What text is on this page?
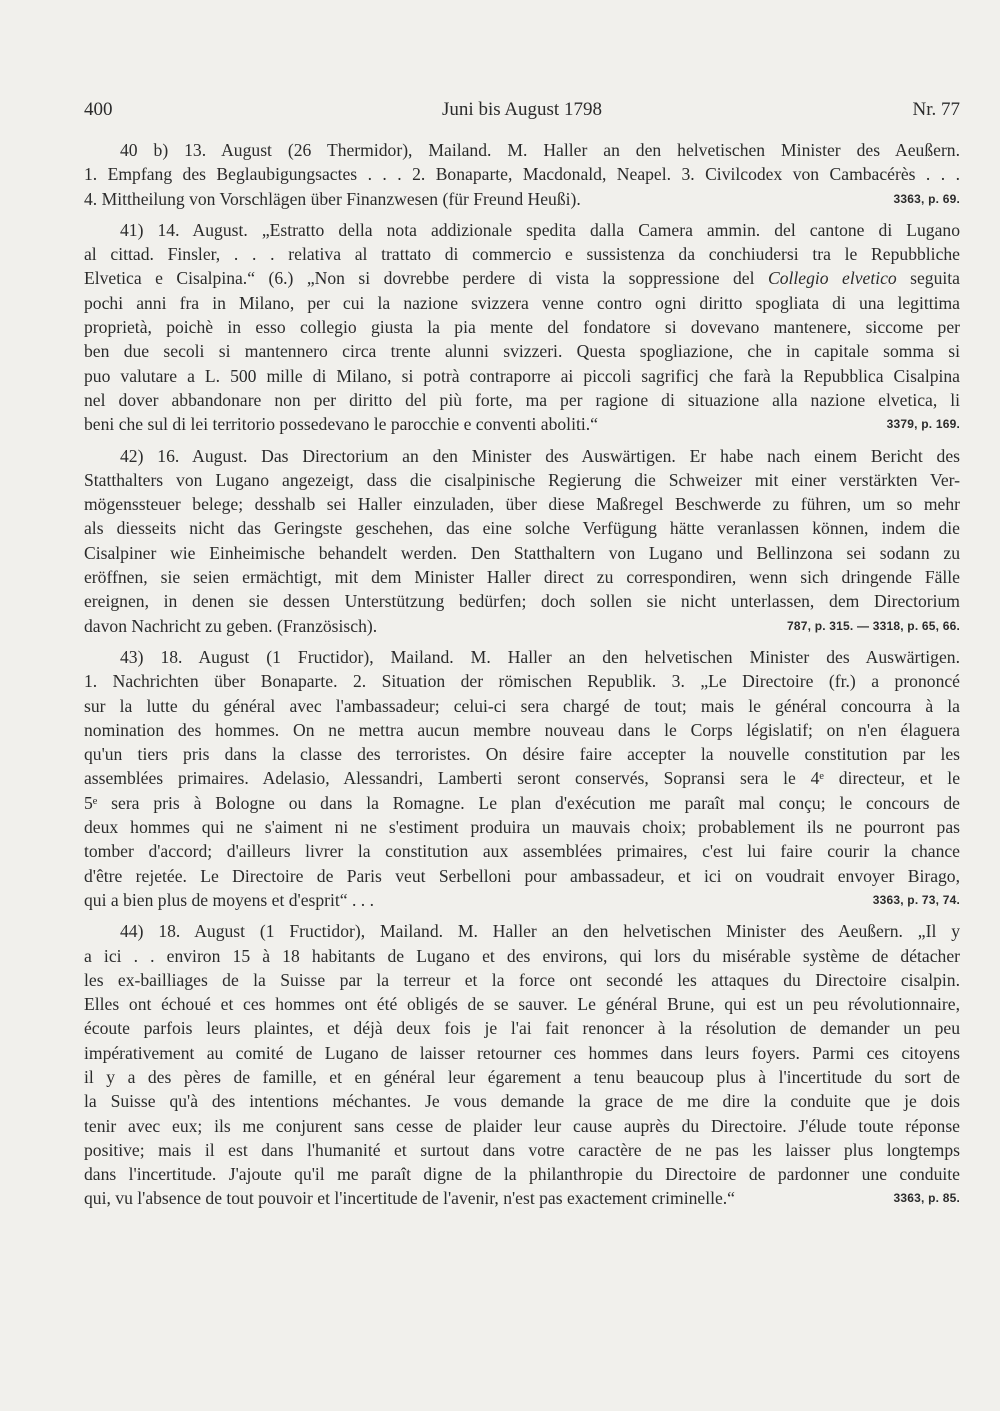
400	Juni bis August 1798	Nr. 77
40 b) 13. August (26 Thermidor), Mailand. M. Haller an den helvetischen Minister des Aeußern.
1. Empfang des Beglaubigungsactes . . . 2. Bonaparte, Macdonald, Neapel. 3. Civilcodex von Cambacérès . . .
4. Mittheilung von Vorschlägen über Finanzwesen (für Freund Heußi).	3363, p. 69.
41) 14. August. „Estratto della nota addizionale spedita dalla Camera ammin. del cantone di Lugano
al cittad. Finsler, . . . relativa al trattato di commercio e sussistenza da conchiudersi tra le Repubbliche
Elvetica e Cisalpina.“ (6.) „Non si dovrebbe perdere di vista la soppressione del Collegio elvetico seguita
pochi anni fra in Milano, per cui la nazione svizzera venne contro ogni diritto spogliata di una legittima
proprietà, poichè in esso collegio giusta la pia mente del fondatore si dovevano mantenere, siccome per
ben due secoli si mantennero circa trente alunni svizzeri. Questa spogliazione, che in capitale somma si
puo valutare a L. 500 mille di Milano, si potrà contraporre ai piccoli sagrificj che farà la Repubblica Cisalpina
nel dover abbandonare non per diritto del più forte, ma per ragione di situazione alla nazione elvetica, li
beni che sul di lei territorio possedevano le parocchie e conventi aboliti.“	3379, p. 169.
42) 16. August. Das Directorium an den Minister des Auswärtigen. Er habe nach einem Bericht des
Statthalters von Lugano angezeigt, dass die cisalpinische Regierung die Schweizer mit einer verstärkten Ver-
mögenssteuer belege; desshalb sei Haller einzuladen, über diese Maßregel Beschwerde zu führen, um so mehr
als diesseits nicht das Geringste geschehen, das eine solche Verfügung hätte veranlassen können, indem die
Cisalpiner wie Einheimische behandelt werden. Den Statthaltern von Lugano und Bellinzona sei sodann zu
eröffnen, sie seien ermächtigt, mit dem Minister Haller direct zu correspondiren, wenn sich dringende Fälle
ereignen, in denen sie dessen Unterstützung bedürfen; doch sollen sie nicht unterlassen, dem Directorium
davon Nachricht zu geben. (Französisch).	787, p. 315. — 3318, p. 65, 66.
43) 18. August (1 Fructidor), Mailand. M. Haller an den helvetischen Minister des Auswärtigen.
1. Nachrichten über Bonaparte. 2. Situation der römischen Republik. 3. „Le Directoire (fr.) a prononcé
sur la lutte du général avec l'ambassadeur; celui-ci sera chargé de tout; mais le général concourra à la
nomination des hommes. On ne mettra aucun membre nouveau dans le Corps législatif; on n'en élaguera
qu'un tiers pris dans la classe des terroristes. On désire faire accepter la nouvelle constitution par les
assemblées primaires. Adelasio, Alessandri, Lamberti seront conservés, Sopransi sera le 4ᵉ directeur, et le
5ᵉ sera pris à Bologne ou dans la Romagne. Le plan d'exécution me paraît mal conçu; le concours de
deux hommes qui ne s'aiment ni ne s'estiment produira un mauvais choix; probablement ils ne pourront pas
tomber d'accord; d'ailleurs livrer la constitution aux assemblées primaires, c'est lui faire courir la chance
d'être rejetée. Le Directoire de Paris veut Serbelloni pour ambassadeur, et ici on voudrait envoyer Birago,
qui a bien plus de moyens et d'esprit“ . . .	3363, p. 73, 74.
44) 18. August (1 Fructidor), Mailand. M. Haller an den helvetischen Minister des Aeußern. „Il y
a ici . . environ 15 à 18 habitants de Lugano et des environs, qui lors du misérable système de détacher
les ex-bailliages de la Suisse par la terreur et la force ont secondé les attaques du Directoire cisalpin.
Elles ont échoué et ces hommes ont été obligés de se sauver. Le général Brune, qui est un peu révolutionnaire,
écoute parfois leurs plaintes, et déjà deux fois je l'ai fait renoncer à la résolution de demander un peu
impérativement au comité de Lugano de laisser retourner ces hommes dans leurs foyers. Parmi ces citoyens
il y a des pères de famille, et en général leur égarement a tenu beaucoup plus à l'incertitude du sort de
la Suisse qu'à des intentions méchantes. Je vous demande la grace de me dire la conduite que je dois
tenir avec eux; ils me conjurent sans cesse de plaider leur cause auprès du Directoire. J'élude toute réponse
positive; mais il est dans l'humanité et surtout dans votre caractère de ne pas les laisser plus longtemps
dans l'incertitude. J'ajoute qu'il me paraît digne de la philanthropie du Directoire de pardonner une conduite
qui, vu l'absence de tout pouvoir et l'incertitude de l'avenir, n'est pas exactement criminelle.“	3363, p. 85.
